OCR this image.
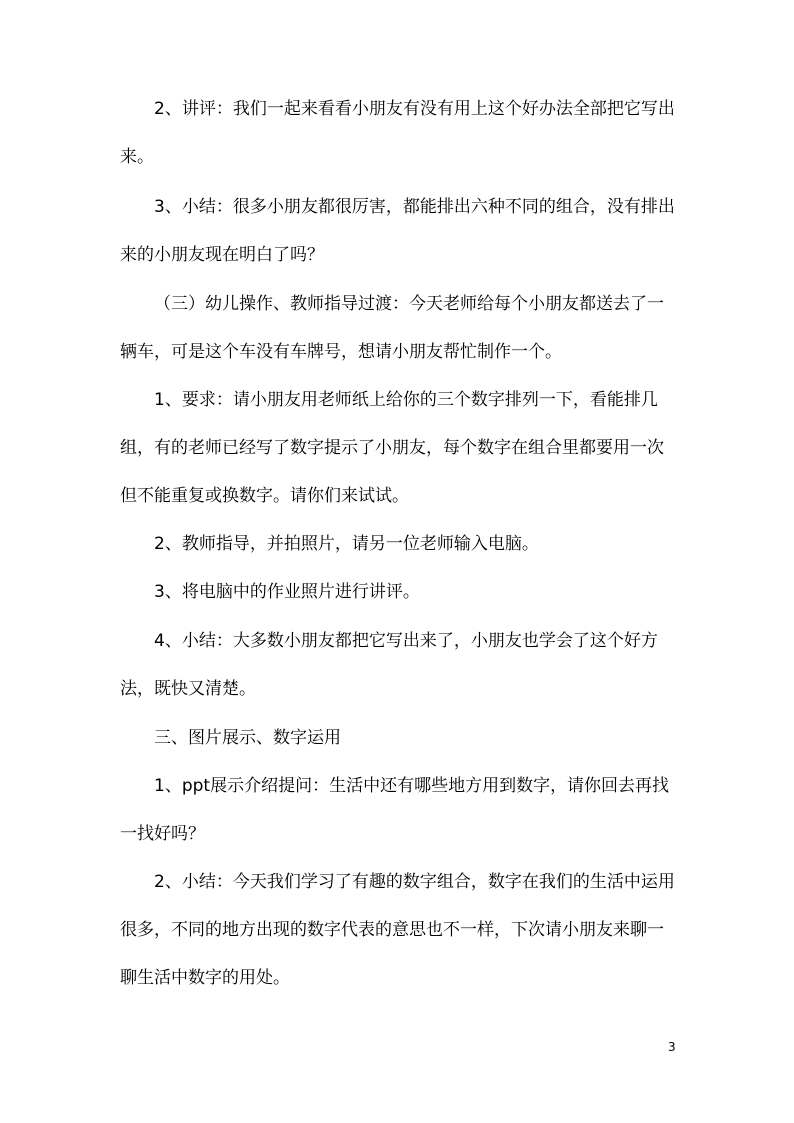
2、讲评：我们一起来看看小朋友有没有用上这个好办法全部把它写出来。

3、小结：很多小朋友都很厉害，都能排出六种不同的组合，没有排出来的小朋友现在明白了吗？

（三）幼儿操作、教师指导过渡：今天老师给每个小朋友都送去了一辆车，可是这个车没有车牌号，想请小朋友帮忙制作一个。

1、要求：请小朋友用老师纸上给你的三个数字排列一下，看能排几组，有的老师已经写了数字提示了小朋友，每个数字在组合里都要用一次但不能重复或换数字。请你们来试试。

2、教师指导，并拍照片，请另一位老师输入电脑。

3、将电脑中的作业照片进行讲评。

4、小结：大多数小朋友都把它写出来了，小朋友也学会了这个好方法，既快又清楚。

三、图片展示、数字运用

1、ppt展示介绍提问：生活中还有哪些地方用到数字，请你回去再找一找好吗？

2、小结：今天我们学习了有趣的数字组合，数字在我们的生活中运用很多，不同的地方出现的数字代表的意思也不一样，下次请小朋友来聊一聊生活中数字的用处。

3
